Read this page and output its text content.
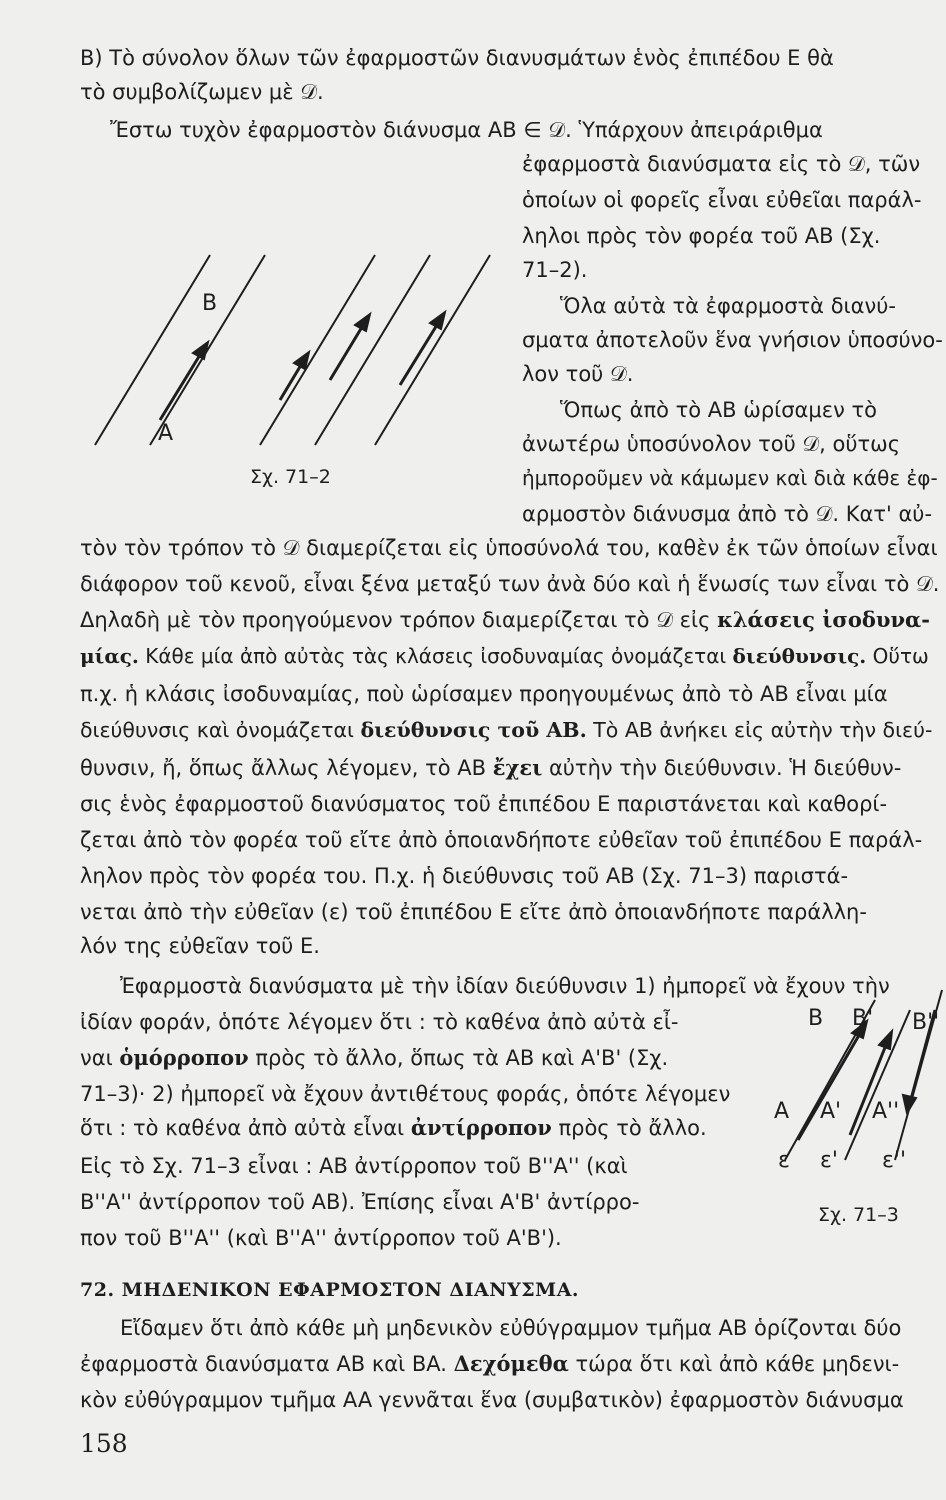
B) Τὸ σύνολον ὅλων τῶν ἐφαρμοστῶν διανυσμάτων ἑνὸς ἐπιπέδου Ε θὰ
τὸ συμβολίζωμεν μὲ 𝒟.
Ἔστω τυχὸν ἐφαρμοστὸν διάνυσμα AB ∈ 𝒟. Ὑπάρχουν ἀπειράριθμα
ἐφαρμοστὰ διανύσματα εἰς τὸ 𝒟, τῶν
ὁποίων οἱ φορεῖς εἶναι εὐθεῖαι παράλ-
ληλοι πρὸς τὸν φορέα τοῦ AB (Σχ.
71–2).
Ὅλα αὐτὰ τὰ ἐφαρμοστὰ διανύ-
σματα ἀποτελοῦν ἕνα γνήσιον ὑποσύνο-
λον τοῦ 𝒟.
Ὅπως ἀπὸ τὸ AB ὡρίσαμεν τὸ
ἀνωτέρω ὑποσύνολον τοῦ 𝒟, οὕτως
ἠμποροῦμεν νὰ κάμωμεν καὶ διὰ κάθε ἐφ-
αρμοστὸν διάνυσμα ἀπὸ τὸ 𝒟. Κατ' αὐ-
A
B
Σχ. 71–2
τὸν τὸν τρόπον τὸ 𝒟 διαμερίζεται εἰς ὑποσύνολά του, καθὲν ἐκ τῶν ὁποίων εἶναι
διάφορον τοῦ κενοῦ, εἶναι ξένα μεταξύ των ἀνὰ δύο καὶ ἡ ἕνωσίς των εἶναι τὸ 𝒟.
Δηλαδὴ μὲ τὸν προηγούμενον τρόπον διαμερίζεται τὸ 𝒟 εἰς κλάσεις ἰσοδυνα-
μίας. Κάθε μία ἀπὸ αὐτὰς τὰς κλάσεις ἰσοδυναμίας ὀνομάζεται διεύθυνσις. Οὕτω
π.χ. ἡ κλάσις ἰσοδυναμίας, ποὺ ὡρίσαμεν προηγουμένως ἀπὸ τὸ AB εἶναι μία
διεύθυνσις καὶ ὀνομάζεται διεύθυνσις τοῦ AB. Τὸ AB ἀνήκει εἰς αὐτὴν τὴν διεύ-
θυνσιν, ἤ, ὅπως ἄλλως λέγομεν, τὸ AB ἔχει αὐτὴν τὴν διεύθυνσιν. Ἡ διεύθυν-
σις ἑνὸς ἐφαρμοστοῦ διανύσματος τοῦ ἐπιπέδου Ε παριστάνεται καὶ καθορί-
ζεται ἀπὸ τὸν φορέα τοῦ εἴτε ἀπὸ ὁποιανδήποτε εὐθεῖαν τοῦ ἐπιπέδου Ε παράλ-
ληλον πρὸς τὸν φορέα του. Π.χ. ἡ διεύθυνσις τοῦ AB (Σχ. 71–3) παριστά-
νεται ἀπὸ τὴν εὐθεῖαν (ε) τοῦ ἐπιπέδου Ε εἴτε ἀπὸ ὁποιανδήποτε παράλλη-
λόν της εὐθεῖαν τοῦ Ε.
Ἐφαρμοστὰ διανύσματα μὲ τὴν ἰδίαν διεύθυνσιν 1) ἠμπορεῖ νὰ ἔχουν τὴν
ἰδίαν φοράν, ὁπότε λέγομεν ὅτι : τὸ καθένα ἀπὸ αὐτὰ εἶ-
ναι ὁμόρροπον πρὸς τὸ ἄλλο, ὅπως τὰ AB καὶ A'B' (Σχ.
71–3)· 2) ἠμπορεῖ νὰ ἔχουν ἀντιθέτους φοράς, ὁπότε λέγομεν
ὅτι : τὸ καθένα ἀπὸ αὐτὰ εἶναι ἀντίρροπον πρὸς τὸ ἄλλο.
Εἰς τὸ Σχ. 71–3 εἶναι : AB ἀντίρροπον τοῦ B''A'' (καὶ
B''A'' ἀντίρροπον τοῦ AB). Ἐπίσης εἶναι A'B' ἀντίρρο-
πον τοῦ B''A'' (καὶ B''A'' ἀντίρροπον τοῦ A'B').
B B' B''
A A' A''
ε ε' ε''
Σχ. 71–3
72. ΜΗΔΕΝΙΚΟΝ ΕΦΑΡΜΟΣΤΟΝ ΔΙΑΝΥΣΜΑ.
Εἴδαμεν ὅτι ἀπὸ κάθε μὴ μηδενικὸν εὐθύγραμμον τμῆμα AB ὁρίζονται δύο
ἐφαρμοστὰ διανύσματα AB καὶ BA. Δεχόμεθα τώρα ὅτι καὶ ἀπὸ κάθε μηδενι-
κὸν εὐθύγραμμον τμῆμα AA γεννᾶται ἕνα (συμβατικὸν) ἐφαρμοστὸν διάνυσμα
158
